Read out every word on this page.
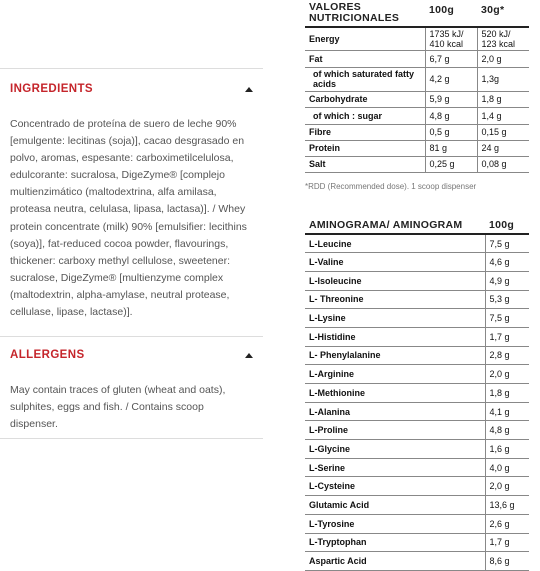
INGREDIENTS

Concentrado de proteína de suero de leche 90% [emulgente: lecitinas (soja)], cacao desgrasado en polvo, aromas, espesante: carboximetilcelulosa, edulcorante: sucralosa, DigeZyme® [complejo multienzimático (maltodextrina, alfa amilasa, proteasa neutra, celulasa, lipasa, lactasa)]. / Whey protein concentrate (milk) 90% [emulsifier: lecithins (soya)], fat-reduced cocoa powder, flavourings, thickener: carboxy methyl cellulose, sweetener: sucralose, DigeZyme® [multienzyme complex (maltodextrin, alpha-amylase, neutral protease, cellulase, lipase, lactase)].

ALLERGENS

May contain traces of gluten (wheat and oats), sulphites, eggs and fish. / Contains scoop dispenser.

VALORES NUTRICIONALES	100g	30g*
Energy	1735 kJ/ 410 kcal	520 kJ/ 123 kcal
Fat	6,7 g	2,0 g
of which saturated fatty acids	4,2 g	1,3g
Carbohydrate	5,9 g	1,8 g
of which : sugar	4,8 g	1,4 g
Fibre	0,5 g	0,15 g
Protein	81 g	24 g
Salt	0,25 g	0,08 g
*RDD (Recommended dose). 1 scoop dispenser
AMINOGRAMA/ AMINOGRAM	100g
L-Leucine	7,5 g
L-Valine	4,6 g
L-Isoleucine	4,9 g
L- Threonine	5,3 g
L-Lysine	7,5 g
L-Histidine	1,7 g
L- Phenylalanine	2,8 g
L-Arginine	2,0 g
L-Methionine	1,8 g
L-Alanina	4,1 g
L-Proline	4,8 g
L-Glycine	1,6 g
L-Serine	4,0 g
L-Cysteine	2,0 g
Glutamic Acid	13,6 g
L-Tyrosine	2,6 g
L-Tryptophan	1,7 g
Aspartic Acid	8,6 g
